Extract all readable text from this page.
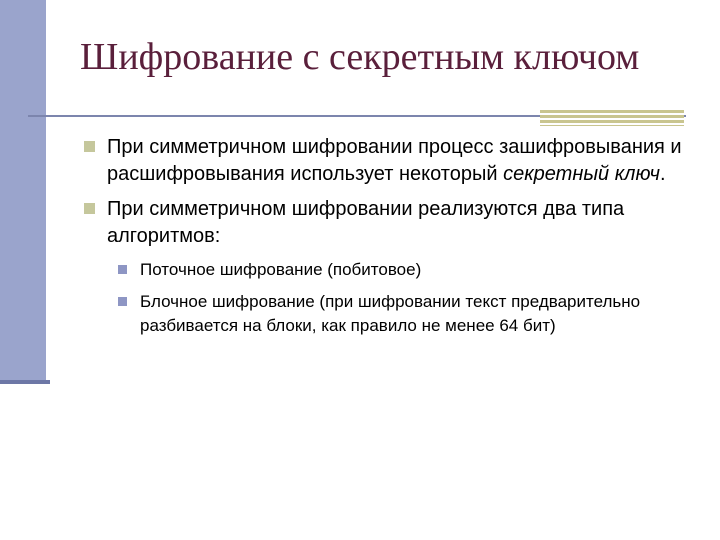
Шифрование с секретным ключом
При симметричном шифровании процесс зашифровывания и расшифровывания использует некоторый секретный ключ.
При симметричном шифровании реализуются два типа алгоритмов:
Поточное шифрование (побитовое)
Блочное шифрование (при шифровании текст предварительно разбивается на блоки, как правило не менее 64 бит)
